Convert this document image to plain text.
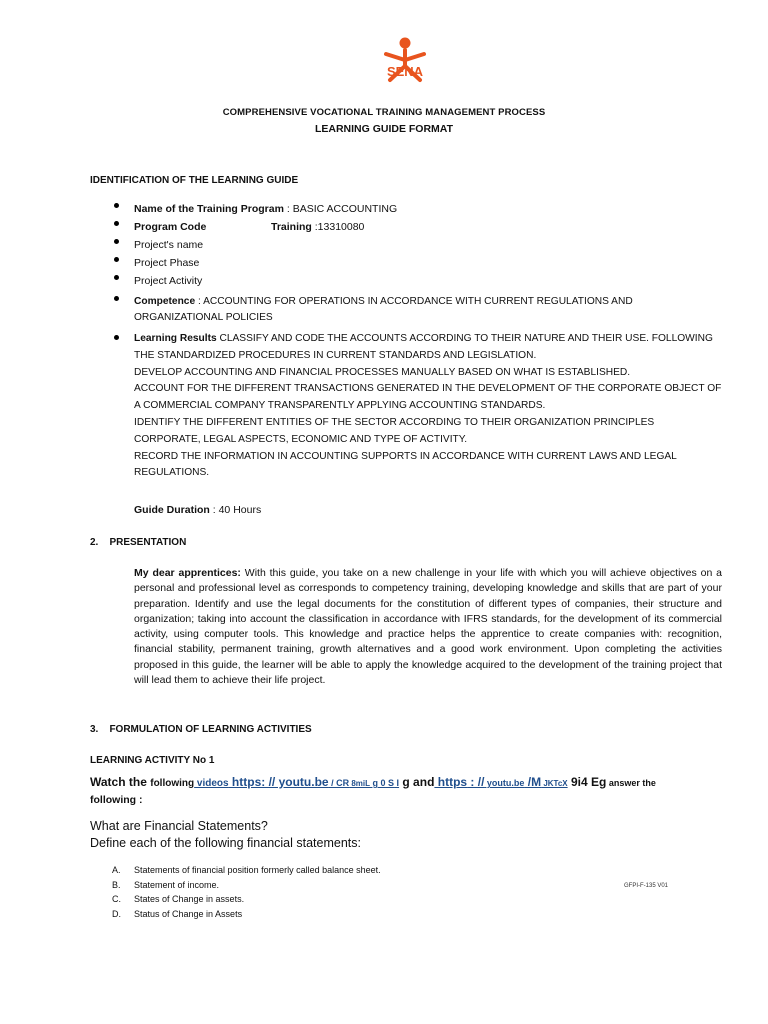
SENA
COMPREHENSIVE VOCATIONAL TRAINING MANAGEMENT PROCESS
LEARNING GUIDE FORMAT
IDENTIFICATION OF THE LEARNING GUIDE
Name of the Training Program : BASIC ACCOUNTING
Program Code	Training :13310080
Project's name
Project Phase
Project Activity
Competence : ACCOUNTING FOR OPERATIONS IN ACCORDANCE WITH CURRENT REGULATIONS AND
ORGANIZATIONAL POLICIES
Learning Results CLASSIFY AND CODE THE ACCOUNTS ACCORDING TO THEIR NATURE AND THEIR USE. FOLLOWING
THE STANDARDIZED PROCEDURES IN CURRENT STANDARDS AND LEGISLATION.
DEVELOP ACCOUNTING AND FINANCIAL PROCESSES MANUALLY BASED ON WHAT IS ESTABLISHED.
ACCOUNT FOR THE DIFFERENT TRANSACTIONS GENERATED IN THE DEVELOPMENT OF THE CORPORATE OBJECT OF
A COMMERCIAL COMPANY TRANSPARENTLY APPLYING ACCOUNTING STANDARDS.
IDENTIFY THE DIFFERENT ENTITIES OF THE SECTOR ACCORDING TO THEIR ORGANIZATION PRINCIPLES
CORPORATE, LEGAL ASPECTS, ECONOMIC AND TYPE OF ACTIVITY.
RECORD THE INFORMATION IN ACCOUNTING SUPPORTS IN ACCORDANCE WITH CURRENT LAWS AND LEGAL
REGULATIONS.
Guide Duration : 40 Hours
2.    PRESENTATION
My dear apprentices: With this guide, you take on a new challenge in your life with which you will achieve objectives on a personal and professional level as corresponds to competency training, developing knowledge and skills that are part of your preparation. Identify and use the legal documents for the constitution of different types of companies, their structure and organization; taking into account the classification in accordance with IFRS standards, for the development of its commercial activity, using computer tools. This knowledge and practice helps the apprentice to create companies with: recognition, financial stability, permanent training, growth alternatives and a good work environment. Upon completing the activities proposed in this guide, the learner will be able to apply the knowledge acquired to the development of the training project that will lead them to achieve their life project.
3.    FORMULATION OF LEARNING ACTIVITIES
LEARNING ACTIVITY No 1
Watch the following videos https: // youtu.be / CR 8miL g 0 S I g and https : // youtu.be /M JKTcX 9i4 Eg answer the
following :
What are Financial Statements?
Define each of the following financial statements:
A. Statements of financial position formerly called balance sheet.
B. Statement of income.
C. States of Change in assets.
D. Status of Change in Assets
GFPI-F-135 V01
